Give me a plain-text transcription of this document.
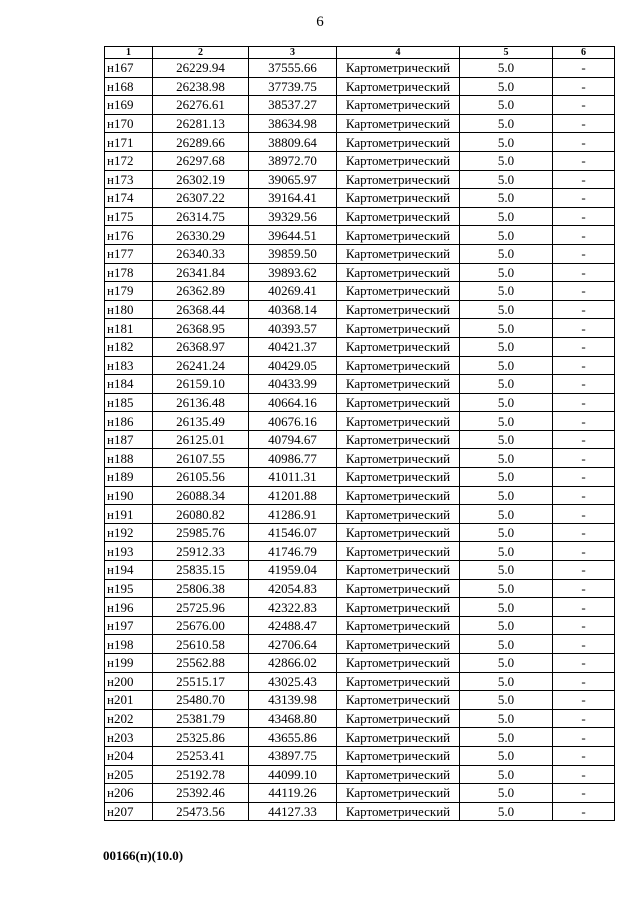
6
1	2	3	4	5	6
н167	26229.94	37555.66	Картометрический	5.0	-
н168	26238.98	37739.75	Картометрический	5.0	-
н169	26276.61	38537.27	Картометрический	5.0	-
н170	26281.13	38634.98	Картометрический	5.0	-
н171	26289.66	38809.64	Картометрический	5.0	-
н172	26297.68	38972.70	Картометрический	5.0	-
н173	26302.19	39065.97	Картометрический	5.0	-
н174	26307.22	39164.41	Картометрический	5.0	-
н175	26314.75	39329.56	Картометрический	5.0	-
н176	26330.29	39644.51	Картометрический	5.0	-
н177	26340.33	39859.50	Картометрический	5.0	-
н178	26341.84	39893.62	Картометрический	5.0	-
н179	26362.89	40269.41	Картометрический	5.0	-
н180	26368.44	40368.14	Картометрический	5.0	-
н181	26368.95	40393.57	Картометрический	5.0	-
н182	26368.97	40421.37	Картометрический	5.0	-
н183	26241.24	40429.05	Картометрический	5.0	-
н184	26159.10	40433.99	Картометрический	5.0	-
н185	26136.48	40664.16	Картометрический	5.0	-
н186	26135.49	40676.16	Картометрический	5.0	-
н187	26125.01	40794.67	Картометрический	5.0	-
н188	26107.55	40986.77	Картометрический	5.0	-
н189	26105.56	41011.31	Картометрический	5.0	-
н190	26088.34	41201.88	Картометрический	5.0	-
н191	26080.82	41286.91	Картометрический	5.0	-
н192	25985.76	41546.07	Картометрический	5.0	-
н193	25912.33	41746.79	Картометрический	5.0	-
н194	25835.15	41959.04	Картометрический	5.0	-
н195	25806.38	42054.83	Картометрический	5.0	-
н196	25725.96	42322.83	Картометрический	5.0	-
н197	25676.00	42488.47	Картометрический	5.0	-
н198	25610.58	42706.64	Картометрический	5.0	-
н199	25562.88	42866.02	Картометрический	5.0	-
н200	25515.17	43025.43	Картометрический	5.0	-
н201	25480.70	43139.98	Картометрический	5.0	-
н202	25381.79	43468.80	Картометрический	5.0	-
н203	25325.86	43655.86	Картометрический	5.0	-
н204	25253.41	43897.75	Картометрический	5.0	-
н205	25192.78	44099.10	Картометрический	5.0	-
н206	25392.46	44119.26	Картометрический	5.0	-
н207	25473.56	44127.33	Картометрический	5.0	-
00166(п)(10.0)
